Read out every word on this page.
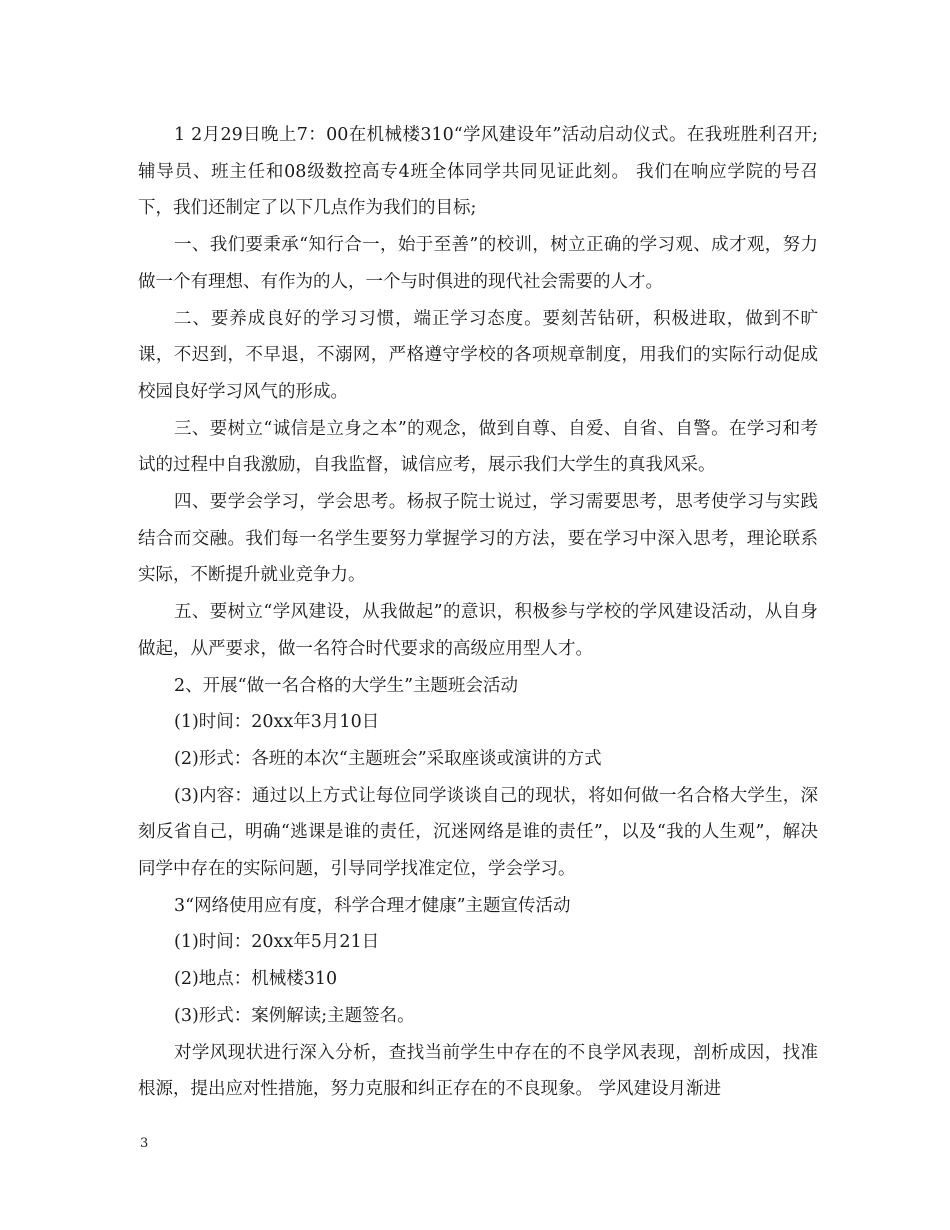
1 2月29日晚上7：00在机械楼310“学风建设年”活动启动仪式。在我班胜利召开;辅导员、班主任和08级数控高专4班全体同学共同见证此刻。 我们在响应学院的号召下，我们还制定了以下几点作为我们的目标;

一、我们要秉承“知行合一，始于至善”的校训，树立正确的学习观、成才观，努力做一个有理想、有作为的人，一个与时俱进的现代社会需要的人才。

二、要养成良好的学习习惯，端正学习态度。要刻苦钻研，积极进取，做到不旷课，不迟到，不早退，不溺网，严格遵守学校的各项规章制度，用我们的实际行动促成校园良好学习风气的形成。

三、要树立“诚信是立身之本”的观念，做到自尊、自爱、自省、自警。在学习和考试的过程中自我激励，自我监督，诚信应考，展示我们大学生的真我风采。

四、要学会学习，学会思考。杨叔子院士说过，学习需要思考，思考使学习与实践结合而交融。我们每一名学生要努力掌握学习的方法，要在学习中深入思考，理论联系实际，不断提升就业竞争力。

五、要树立“学风建设，从我做起”的意识，积极参与学校的学风建设活动，从自身做起，从严要求，做一名符合时代要求的高级应用型人才。

2、开展“做一名合格的大学生”主题班会活动

(1)时间：20xx年3月10日

(2)形式：各班的本次“主题班会”采取座谈或演讲的方式

(3)内容：通过以上方式让每位同学谈谈自己的现状，将如何做一名合格大学生，深刻反省自己，明确“逃课是谁的责任，沉迷网络是谁的责任”，以及“我的人生观”，解决同学中存在的实际问题，引导同学找准定位，学会学习。

3“网络使用应有度，科学合理才健康”主题宣传活动

(1)时间：20xx年5月21日

(2)地点：机械楼310

(3)形式：案例解读;主题签名。

对学风现状进行深入分析，查找当前学生中存在的不良学风表现，剖析成因，找准根源，提出应对性措施，努力克服和纠正存在的不良现象。 学风建设月渐进

3
